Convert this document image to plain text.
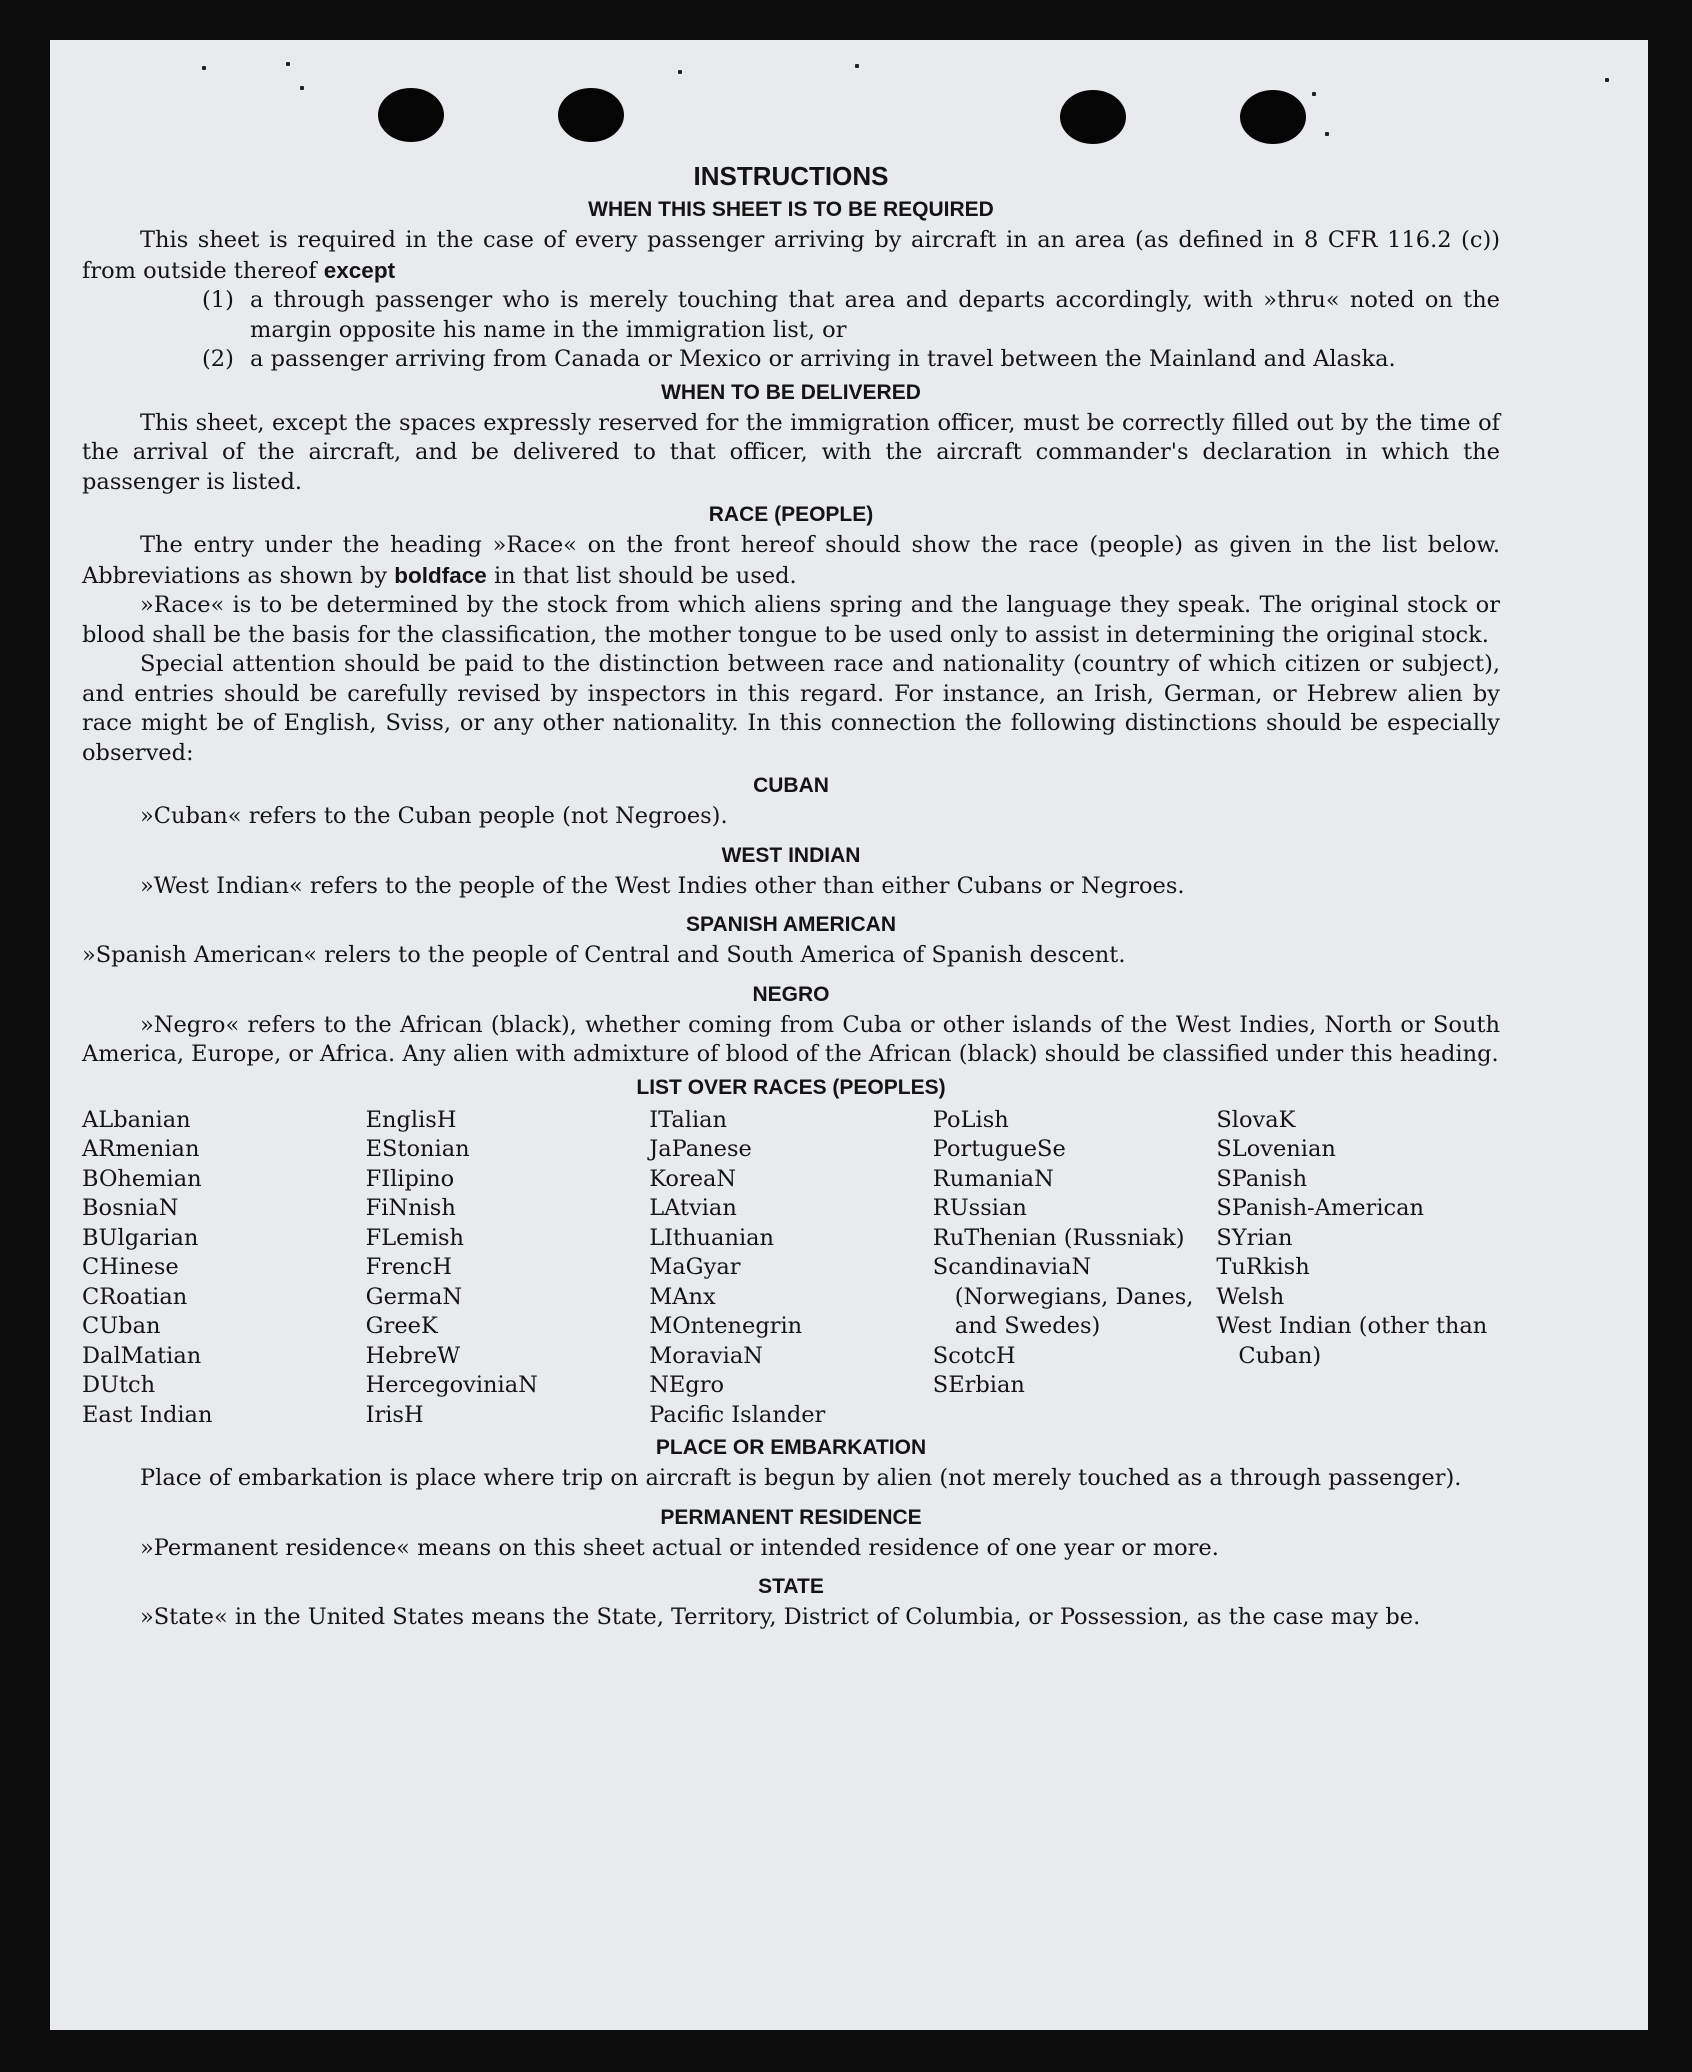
INSTRUCTIONS
WHEN THIS SHEET IS TO BE REQUIRED

This sheet is required in the case of every passenger arriving by aircraft in an area (as defined in 8 CFR 116.2 (c)) from outside thereof except

(1) a through passenger who is merely touching that area and departs accordingly, with »thru« noted on the margin opposite his name in the immigration list, or
(2) a passenger arriving from Canada or Mexico or arriving in travel between the Mainland and Alaska.
WHEN TO BE DELIVERED

This sheet, except the spaces expressly reserved for the immigration officer, must be correctly filled out by the time of the arrival of the aircraft, and be delivered to that officer, with the aircraft commander's declaration in which the passenger is listed.

RACE (PEOPLE)

The entry under the heading »Race« on the front hereof should show the race (people) as given in the list below. Abbreviations as shown by boldface in that list should be used.

»Race« is to be determined by the stock from which aliens spring and the language they speak. The original stock or blood shall be the basis for the classification, the mother tongue to be used only to assist in determining the original stock.

Special attention should be paid to the distinction between race and nationality (country of which citizen or subject), and entries should be carefully revised by inspectors in this regard. For instance, an Irish, German, or Hebrew alien by race might be of English, Sviss, or any other nationality. In this connection the following distinctions should be especially observed:

CUBAN

»Cuban« refers to the Cuban people (not Negroes).

WEST INDIAN

»West Indian« refers to the people of the West Indies other than either Cubans or Negroes.

SPANISH AMERICAN

»Spanish American« relers to the people of Central and South America of Spanish descent.

NEGRO

»Negro« refers to the African (black), whether coming from Cuba or other islands of the West Indies, North or South America, Europe, or Africa. Any alien with admixture of blood of the African (black) should be classified under this heading.

LIST OVER RACES (PEOPLES)
ALbanian
ARmenian
BOhemian
BosniaN
BUlgarian
CHinese
CRoatian
CUban
DalMatian
DUtch
East Indian
EnglisH
EStonian
FIlipino
FiNnish
FLemish
FrencH
GermaN
GreeK
HebreW
HercegoviniaN
IrisH
ITalian
JaPanese
KoreaN
LAtvian
LIthuanian
MaGyar
MAnx
MOntenegrin
MoraviaN
NEgro
Pacific Islander
PoLish
PortugueSe
RumaniaN
RUssian
RuThenian (Russniak)
ScandinaviaN (Norwegians, Danes, and Swedes)
ScotcH
SErbian
SlovaK
SLovenian
SPanish
SPanish-American
SYrian
TuRkish
Welsh
West Indian (other than Cuban)
PLACE OR EMBARKATION

Place of embarkation is place where trip on aircraft is begun by alien (not merely touched as a through passenger).

PERMANENT RESIDENCE

»Permanent residence« means on this sheet actual or intended residence of one year or more.

STATE

»State« in the United States means the State, Territory, District of Columbia, or Possession, as the case may be.
